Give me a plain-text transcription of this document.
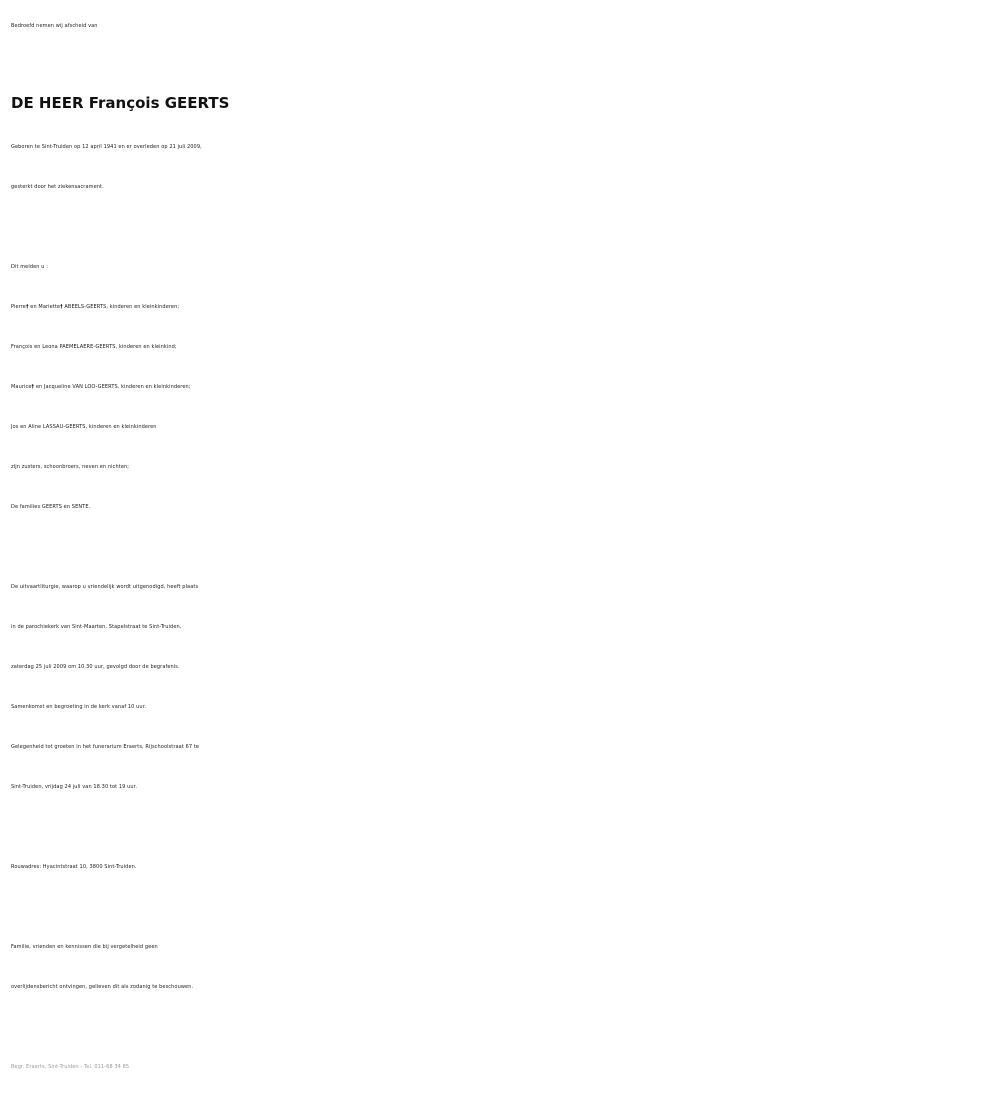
Bedroefd nemen wij afscheid van
DE HEER François GEERTS
Geboren te Sint-Truiden op 12 april 1941 en er overleden op 21 juli 2009,
gesterkt door het ziekensacrament.
Dit melden u :
Pierre† en Mariette† ABEELS-GEERTS, kinderen en kleinkinderen;
François en Leona PAEMELAERE-GEERTS, kinderen en kleinkind;
Maurice† en Jacqueline VAN LOO-GEERTS, kinderen en kleinkinderen;
Jos en Aline LASSAU-GEERTS, kinderen en kleinkinderen
zijn zusters, schoonbroers, neven en nichten;
De families GEERTS en SENTE.
De uitvaartliturgie, waarop u vriendelijk wordt uitgenodigd, heeft plaats
in de parochiekerk van Sint-Maarten, Stapelstraat te Sint-Truiden,
zaterdag 25 juli 2009 om 10.30 uur, gevolgd door de begrafenis.
Samenkomst en begroeting in de kerk vanaf 10 uur.
Gelegenheid tot groeten in het funerarium Eraerts, Rijschoolstraat 67 te
Sint-Truiden, vrijdag 24 juli van 18.30 tot 19 uur.
Rouwadres: Hyacintstraat 10, 3800 Sint-Truiden.
Familie, vrienden en kennissen die bij vergetelheid geen
overlijdensbericht ontvingen, gelieven dit als zodanig te beschouwen.
Begr. Eraerts, Sint-Truiden - Tel. 011-68 34 85
